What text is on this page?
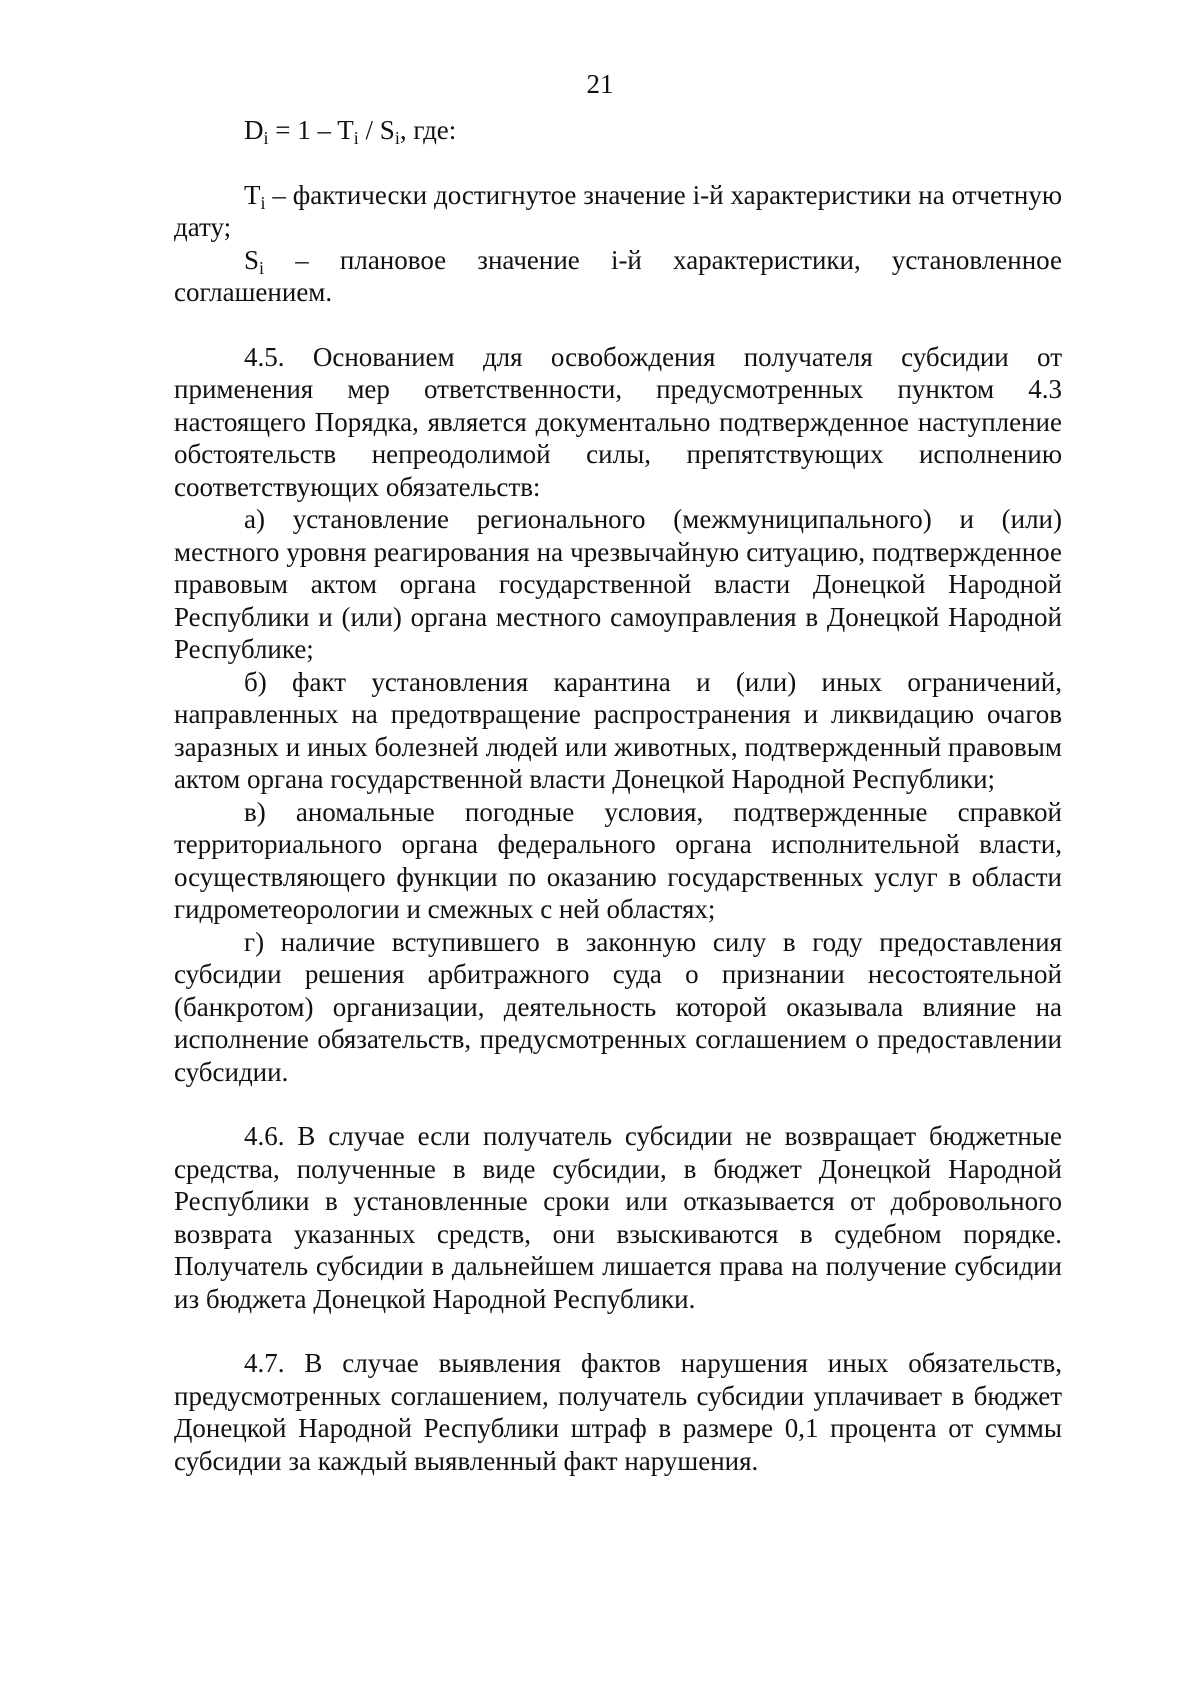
21

$D_i = 1 - T_i / S_i$, где:

$T_i$ – фактически достигнутое значение i-й характеристики на отчетную дату;

$S_i$ – плановое значение i-й характеристики, установленное соглашением.

4.5. Основанием для освобождения получателя субсидии от применения мер ответственности, предусмотренных пунктом 4.3 настоящего Порядка, является документально подтвержденное наступление обстоятельств непреодолимой силы, препятствующих исполнению соответствующих обязательств:

а) установление регионального (межмуниципального) и (или) местного уровня реагирования на чрезвычайную ситуацию, подтвержденное правовым актом органа государственной власти Донецкой Народной Республики и (или) органа местного самоуправления в Донецкой Народной Республике;

б) факт установления карантина и (или) иных ограничений, направленных на предотвращение распространения и ликвидацию очагов заразных и иных болезней людей или животных, подтвержденный правовым актом органа государственной власти Донецкой Народной Республики;

в) аномальные погодные условия, подтвержденные справкой территориального органа федерального органа исполнительной власти, осуществляющего функции по оказанию государственных услуг в области гидрометеорологии и смежных с ней областях;

г) наличие вступившего в законную силу в году предоставления субсидии решения арбитражного суда о признании несостоятельной (банкротом) организации, деятельность которой оказывала влияние на исполнение обязательств, предусмотренных соглашением о предоставлении субсидии.

4.6. В случае если получатель субсидии не возвращает бюджетные средства, полученные в виде субсидии, в бюджет Донецкой Народной Республики в установленные сроки или отказывается от добровольного возврата указанных средств, они взыскиваются в судебном порядке. Получатель субсидии в дальнейшем лишается права на получение субсидии из бюджета Донецкой Народной Республики.

4.7. В случае выявления фактов нарушения иных обязательств, предусмотренных соглашением, получатель субсидии уплачивает в бюджет Донецкой Народной Республики штраф в размере 0,1 процента от суммы субсидии за каждый выявленный факт нарушения.
